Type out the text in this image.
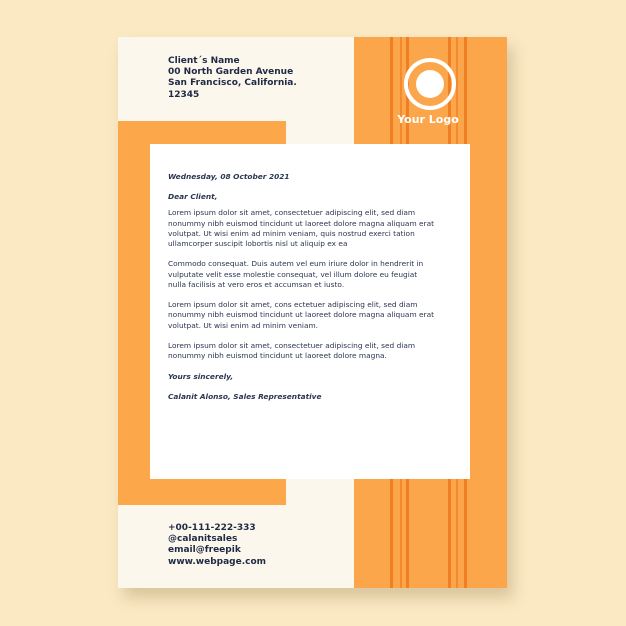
Your Logo
Client´s Name
00 North Garden Avenue
San Francisco, California.
12345

Wednesday, 08 October 2021

Dear Client,

Lorem ipsum dolor sit amet, consectetuer adipiscing elit, sed diam nonummy nibh euismod tincidunt ut laoreet dolore magna aliquam erat volutpat. Ut wisi enim ad minim veniam, quis nostrud exerci tation ullamcorper suscipit lobortis nisl ut aliquip ex ea

Commodo consequat. Duis autem vel eum iriure dolor in hendrerit in vulputate velit esse molestie consequat, vel illum dolore eu feugiat nulla facilisis at vero eros et accumsan et iusto.

Lorem ipsum dolor sit amet, cons ectetuer adipiscing elit, sed diam nonummy nibh euismod tincidunt ut laoreet dolore magna aliquam erat volutpat. Ut wisi enim ad minim veniam.

Lorem ipsum dolor sit amet, consectetuer adipiscing elit, sed diam nonummy nibh euismod tincidunt ut laoreet dolore magna.

Yours sincerely,

Calanit Alonso, Sales Representative

+00-111-222-333
@calanitsales
email@freepik
www.webpage.com
